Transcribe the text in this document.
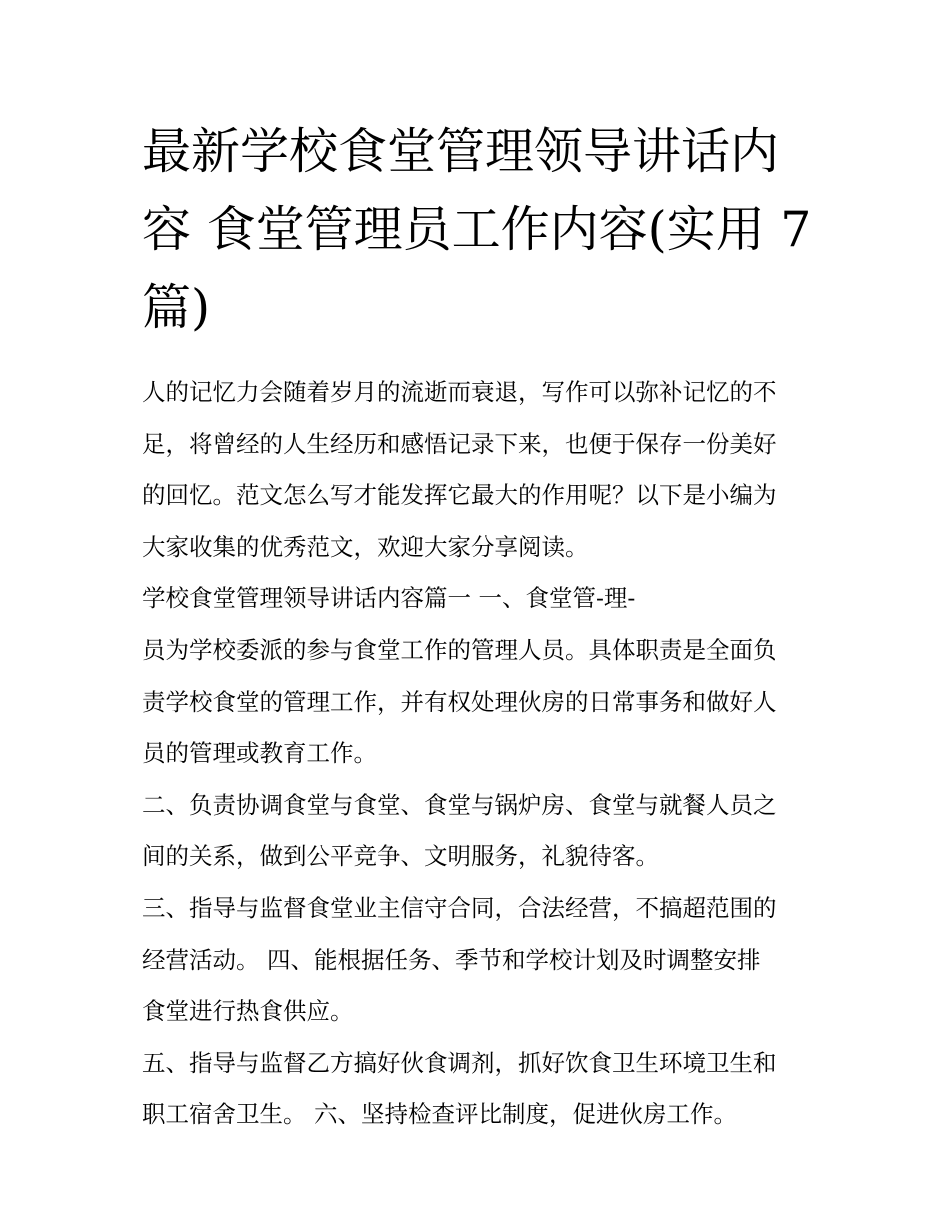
最新学校食堂管理领导讲话内
容 食堂管理员工作内容(实用 7
篇)
人的记忆力会随着岁月的流逝而衰退，写作可以弥补记忆的不
足，将曾经的人生经历和感悟记录下来，也便于保存一份美好
的回忆。范文怎么写才能发挥它最大的作用呢？以下是小编为
大家收集的优秀范文，欢迎大家分享阅读。
学校食堂管理领导讲话内容篇一 一、食堂管-理-
员为学校委派的参与食堂工作的管理人员。具体职责是全面负
责学校食堂的管理工作，并有权处理伙房的日常事务和做好人
员的管理或教育工作。
二、负责协调食堂与食堂、食堂与锅炉房、食堂与就餐人员之
间的关系，做到公平竞争、文明服务，礼貌待客。
三、指导与监督食堂业主信守合同，合法经营，不搞超范围的
经营活动。 四、能根据任务、季节和学校计划及时调整安排
食堂进行热食供应。
五、指导与监督乙方搞好伙食调剂，抓好饮食卫生环境卫生和
职工宿舍卫生。 六、坚持检查评比制度，促进伙房工作。
